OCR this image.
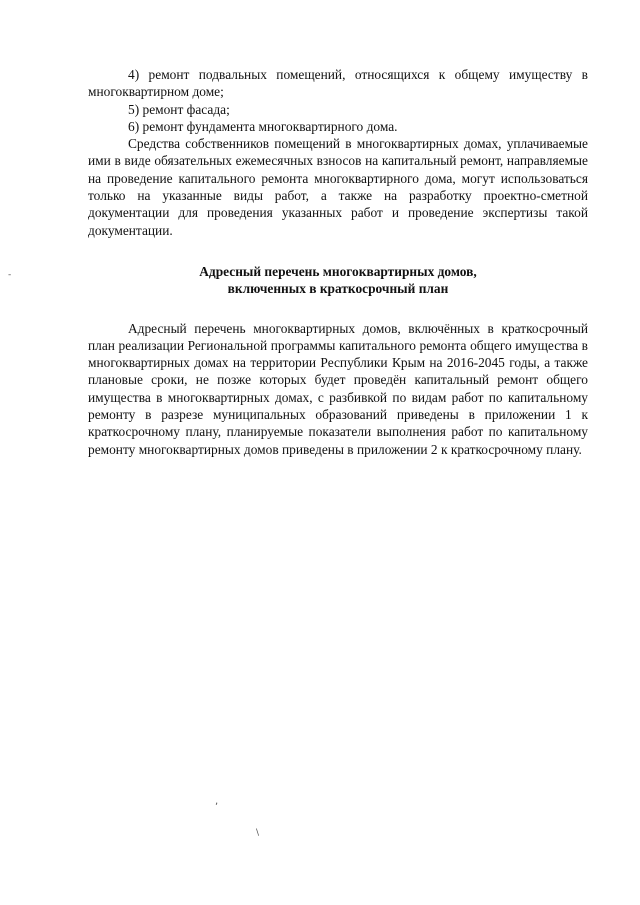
4) ремонт подвальных помещений, относящихся к общему имуществу в многоквартирном доме;

5) ремонт фасада;

6) ремонт фундамента многоквартирного дома.

Средства собственников помещений в многоквартирных домах, уплачиваемые ими в виде обязательных ежемесячных взносов на капитальный ремонт, направляемые на проведение капитального ремонта многоквартирного дома, могут использоваться только на указанные виды работ, а также на разработку проектно-сметной документации для проведения указанных работ и проведение экспертизы такой документации.

Адресный перечень многоквартирных домов,
включенных в краткосрочный план

Адресный перечень многоквартирных домов, включённых в краткосрочный план реализации Региональной программы капитального ремонта общего имущества в многоквартирных домах на территории Республики Крым на 2016-2045 годы, а также плановые сроки, не позже которых будет проведён капитальный ремонт общего имущества в многоквартирных домах, с разбивкой по видам работ по капитальному ремонту в разрезе муниципальных образований приведены в приложении 1 к краткосрочному плану, планируемые показатели выполнения работ по капитальному ремонту многоквартирных домов приведены в приложении 2 к краткосрочному плану.

,
\
-
